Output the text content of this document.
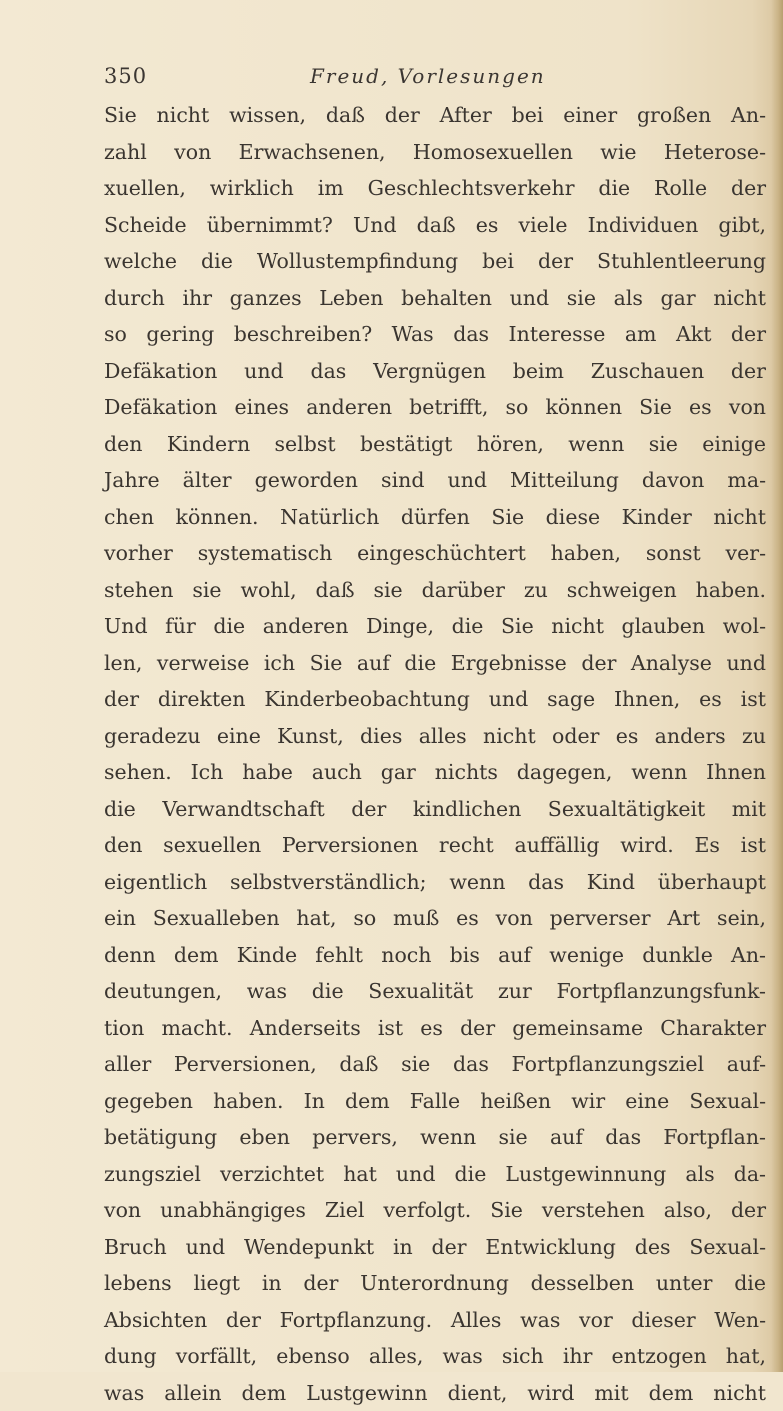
350	Freud, Vorlesungen
Sie nicht wissen, daß der After bei einer großen An-
zahl von Erwachsenen, Homosexuellen wie Heterose-
xuellen, wirklich im Geschlechtsverkehr die Rolle der
Scheide übernimmt? Und daß es viele Individuen gibt,
welche die Wollustempfindung bei der Stuhlentleerung
durch ihr ganzes Leben behalten und sie als gar nicht
so gering beschreiben? Was das Interesse am Akt der
Defäkation und das Vergnügen beim Zuschauen der
Defäkation eines anderen betrifft, so können Sie es von
den Kindern selbst bestätigt hören, wenn sie einige
Jahre älter geworden sind und Mitteilung davon ma-
chen können. Natürlich dürfen Sie diese Kinder nicht
vorher systematisch eingeschüchtert haben, sonst ver-
stehen sie wohl, daß sie darüber zu schweigen haben.
Und für die anderen Dinge, die Sie nicht glauben wol-
len, verweise ich Sie auf die Ergebnisse der Analyse und
der direkten Kinderbeobachtung und sage Ihnen, es ist
geradezu eine Kunst, dies alles nicht oder es anders zu
sehen. Ich habe auch gar nichts dagegen, wenn Ihnen
die Verwandtschaft der kindlichen Sexualtätigkeit mit
den sexuellen Perversionen recht auffällig wird. Es ist
eigentlich selbstverständlich; wenn das Kind überhaupt
ein Sexualleben hat, so muß es von perverser Art sein,
denn dem Kinde fehlt noch bis auf wenige dunkle An-
deutungen, was die Sexualität zur Fortpflanzungsfunk-
tion macht. Anderseits ist es der gemeinsame Charakter
aller Perversionen, daß sie das Fortpflanzungsziel auf-
gegeben haben. In dem Falle heißen wir eine Sexual-
betätigung eben pervers, wenn sie auf das Fortpflan-
zungsziel verzichtet hat und die Lustgewinnung als da-
von unabhängiges Ziel verfolgt. Sie verstehen also, der
Bruch und Wendepunkt in der Entwicklung des Sexual-
lebens liegt in der Unterordnung desselben unter die
Absichten der Fortpflanzung. Alles was vor dieser Wen-
dung vorfällt, ebenso alles, was sich ihr entzogen hat,
was allein dem Lustgewinn dient, wird mit dem nicht
